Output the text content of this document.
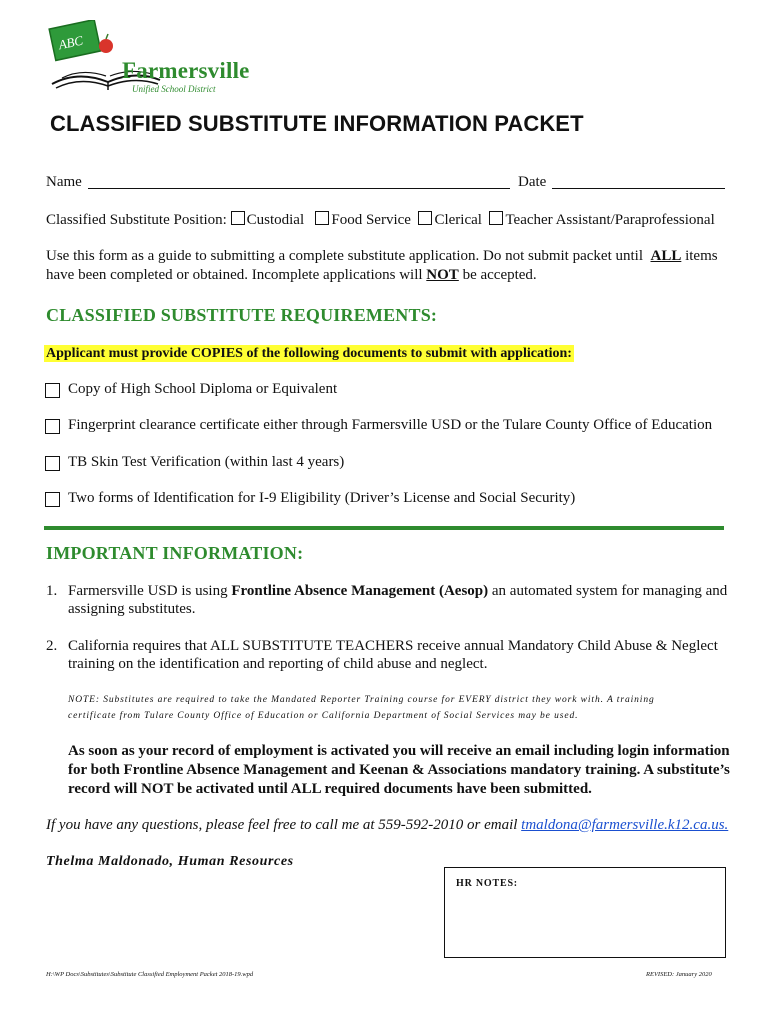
ABC
Farmersville
Unified School District
CLASSIFIED SUBSTITUTE INFORMATION PACKET
Name	Date
Classified Substitute Position: Custodial Food Service Clerical Teacher Assistant/Paraprofessional
Use this form as a guide to submitting a complete substitute application. Do not submit packet until ALL items
have been completed or obtained. Incomplete applications will NOT be accepted.
CLASSIFIED SUBSTITUTE REQUIREMENTS:
Applicant must provide COPIES of the following documents to submit with application:
Copy of High School Diploma or Equivalent
Fingerprint clearance certificate either through Farmersville USD or the Tulare County Office of Education
TB Skin Test Verification (within last 4 years)
Two forms of Identification for I-9 Eligibility (Driver’s License and Social Security)
IMPORTANT INFORMATION:
1. Farmersville USD is using Frontline Absence Management (Aesop) an automated system for managing and
assigning substitutes.
2. California requires that ALL SUBSTITUTE TEACHERS receive annual Mandatory Child Abuse & Neglect
training on the identification and reporting of child abuse and neglect.
NOTE: Substitutes are required to take the Mandated Reporter Training course for EVERY district they work with. A training
certificate from Tulare County Office of Education or California Department of Social Services may be used.
As soon as your record of employment is activated you will receive an email including login information
for both Frontline Absence Management and Keenan & Associations mandatory training. A substitute’s
record will NOT be activated until ALL required documents have been submitted.
If you have any questions, please feel free to call me at 559-592-2010 or email tmaldona@farmersville.k12.ca.us.
Thelma Maldonado, Human Resources
HR NOTES:
H:\WP Docs\Substitutes\Substitute Classified Employment Packet 2018-19.wpd	REVISED: January 2020
